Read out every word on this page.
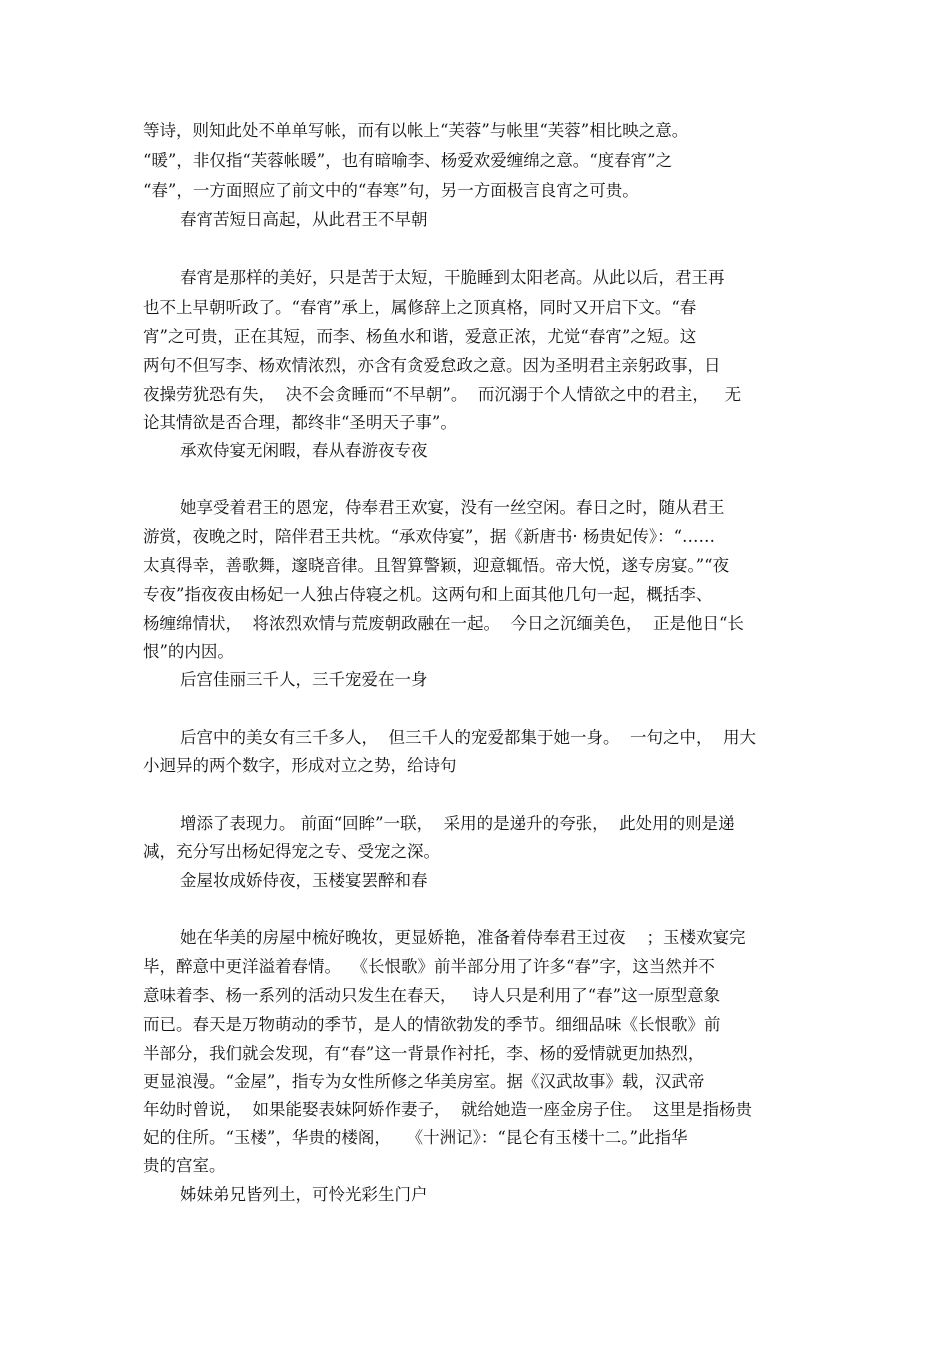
等诗，则知此处不单单写帐，而有以帐上“芙蓉”与帐里“芙蓉”相比映之意。
“暖”，非仅指“芙蓉帐暖”，也有暗喻李、杨爱欢爱缠绵之意。“度春宵”之
“春”，一方面照应了前文中的“春寒”句，另一方面极言良宵之可贵。
春宵苦短日高起，从此君王不早朝
春宵是那样的美好，只是苦于太短，干脆睡到太阳老高。从此以后，君王再
也不上早朝听政了。“春宵”承上，属修辞上之顶真格，同时又开启下文。“春
宵”之可贵，正在其短，而李、杨鱼水和谐，爱意正浓，尤觉“春宵”之短。这
两句不但写李、杨欢情浓烈，亦含有贪爱怠政之意。因为圣明君主亲躬政事，日
夜操劳犹恐有失，  决不会贪睡而“不早朝”。  而沉溺于个人情欲之中的君主，   无
论其情欲是否合理，都终非“圣明天子事”。
承欢侍宴无闲暇，春从春游夜专夜
她享受着君王的恩宠，侍奉君王欢宴，没有一丝空闲。春日之时，随从君王
游赏，夜晚之时，陪伴君王共枕。“承欢侍宴”，据《新唐书· 杨贵妃传》：“……
太真得幸，善歌舞，邃晓音律。且智算警颖，迎意辄悟。帝大悦，遂专房宴。”“夜
专夜”指夜夜由杨妃一人独占侍寝之机。这两句和上面其他几句一起，概括李、
杨缠绵情状，  将浓烈欢情与荒废朝政融在一起。  今日之沉缅美色，  正是他日“长
恨”的内因。
后宫佳丽三千人，三千宠爱在一身
后宫中的美女有三千多人，  但三千人的宠爱都集于她一身。  一句之中，  用大
小迥异的两个数字，形成对立之势，给诗句
增添了表现力。 前面“回眸”一联，  采用的是递升的夸张，  此处用的则是递
减，充分写出杨妃得宠之专、受宠之深。
金屋妆成娇侍夜，玉楼宴罢醉和春
她在华美的房屋中梳好晚妆，更显娇艳，准备着侍奉君王过夜    ；玉楼欢宴完
毕，醉意中更洋溢着春情。  《长恨歌》前半部分用了许多“春”字，这当然并不
意味着李、杨一系列的活动只发生在春天，   诗人只是利用了“春”这一原型意象
而已。春天是万物萌动的季节，是人的情欲勃发的季节。细细品味《长恨歌》前
半部分，我们就会发现，有“春”这一背景作衬托，李、杨的爱情就更加热烈，
更显浪漫。“金屋”，指专为女性所修之华美房室。据《汉武故事》载，汉武帝
年幼时曾说，  如果能娶表妹阿娇作妻子，  就给她造一座金房子住。  这里是指杨贵
妃的住所。“玉楼”，华贵的楼阁，   《十洲记》：“昆仑有玉楼十二。”此指华
贵的宫室。
姊妹弟兄皆列土，可怜光彩生门户
